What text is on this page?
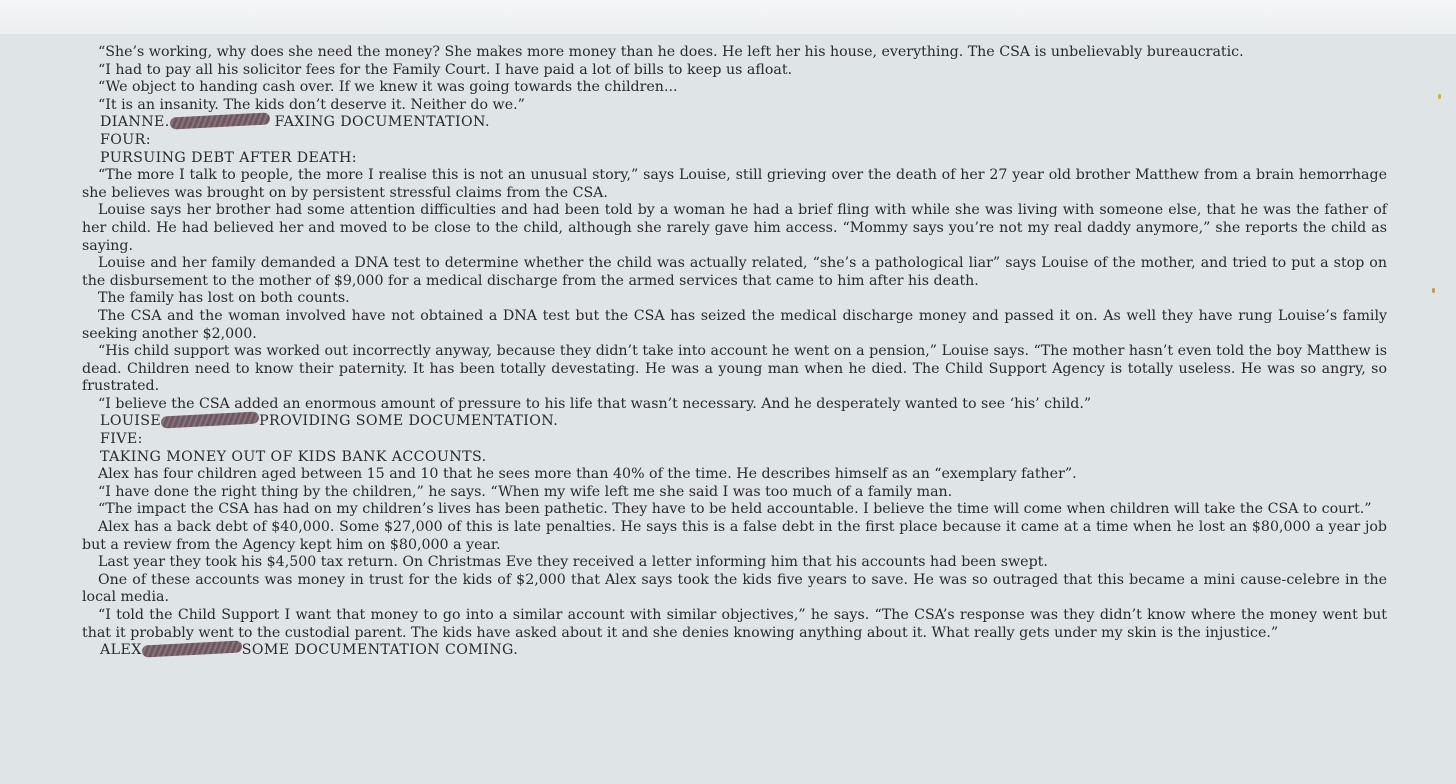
“She’s working, why does she need the money? She makes more money than he does. He left her his house, everything. The CSA is unbelievably bureaucratic.

“I had to pay all his solicitor fees for the Family Court. I have paid a lot of bills to keep us afloat.

“We object to handing cash over. If we knew it was going towards the children...

“It is an insanity. The kids don’t deserve it. Neither do we.”

DIANNE.	FAXING DOCUMENTATION.
FOUR:
PURSUING DEBT AFTER DEATH:

“The more I talk to people, the more I realise this is not an unusual story,” says Louise, still grieving over the death of her 27 year old brother Matthew from a brain hemorrhage she believes was brought on by persistent stressful claims from the CSA.

Louise says her brother had some attention difficulties and had been told by a woman he had a brief fling with while she was living with someone else, that he was the father of her child. He had believed her and moved to be close to the child, although she rarely gave him access. “Mommy says you’re not my real daddy anymore,” she reports the child as saying.

Louise and her family demanded a DNA test to determine whether the child was actually related, “she’s a pathological liar” says Louise of the mother, and tried to put a stop on the disbursement to the mother of $9,000 for a medical discharge from the armed services that came to him after his death.

The family has lost on both counts.

The CSA and the woman involved have not obtained a DNA test but the CSA has seized the medical discharge money and passed it on. As well they have rung Louise’s family seeking another $2,000.

“His child support was worked out incorrectly anyway, because they didn’t take into account he went on a pension,” Louise says. “The mother hasn’t even told the boy Matthew is dead. Children need to know their paternity. It has been totally devestating. He was a young man when he died. The Child Support Agency is totally useless. He was so angry, so frustrated.

“I believe the CSA added an enormous amount of pressure to his life that wasn’t necessary. And he desperately wanted to see ‘his’ child.”

LOUISE	PROVIDING SOME DOCUMENTATION.
FIVE:
TAKING MONEY OUT OF KIDS BANK ACCOUNTS.

Alex has four children aged between 15 and 10 that he sees more than 40% of the time. He describes himself as an “exemplary father”.

“I have done the right thing by the children,” he says. “When my wife left me she said I was too much of a family man.

“The impact the CSA has had on my children’s lives has been pathetic. They have to be held accountable. I believe the time will come when children will take the CSA to court.”

Alex has a back debt of $40,000. Some $27,000 of this is late penalties. He says this is a false debt in the first place because it came at a time when he lost an $80,000 a year job but a review from the Agency kept him on $80,000 a year.

Last year they took his $4,500 tax return. On Christmas Eve they received a letter informing him that his accounts had been swept.

One of these accounts was money in trust for the kids of $2,000 that Alex says took the kids five years to save. He was so outraged that this became a mini cause-celebre in the local media.

“I told the Child Support I want that money to go into a similar account with similar objectives,” he says. “The CSA’s response was they didn’t know where the money went but that it probably went to the custodial parent. The kids have asked about it and she denies knowing anything about it. What really gets under my skin is the injustice.”

ALEX	SOME DOCUMENTATION COMING.
